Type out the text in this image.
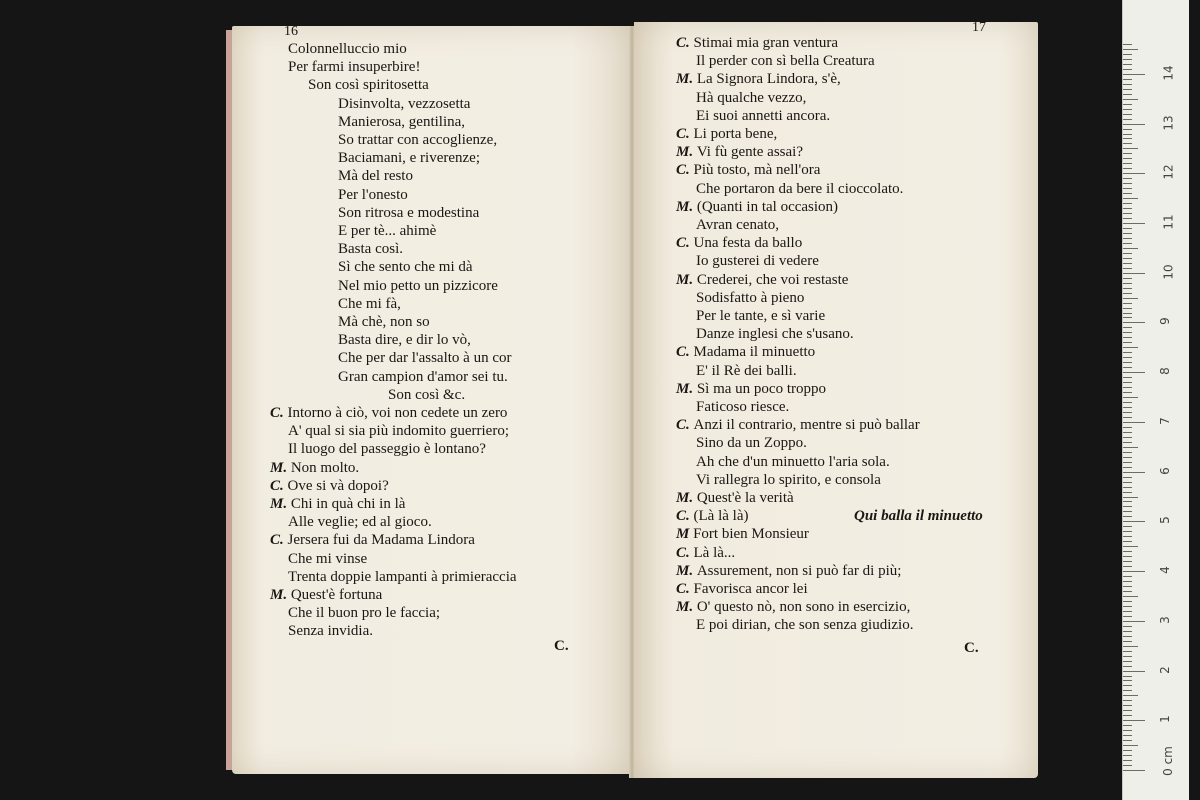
16
Colonnelluccio mio
Per farmi insuperbire!
Son così spiritosetta
Disinvolta, vezzosetta
Manierosa, gentilina,
So trattar con accoglienze,
Baciamani, e riverenze;
Mà del resto
Per l'onesto
Son ritrosa e modestina
E per tè... ahimè
Basta così.
Sì che sento che mi dà
Nel mio petto un pizzicore
Che mi fà,
Mà chè, non so
Basta dire, e dir lo vò,
Che per dar l'assalto à un cor
Gran campion d'amor sei tu.
Son così &c.
C. Intorno à ciò, voi non cedete un zero
A' qual si sia più indomito guerriero;
Il luogo del passeggio è lontano?
M. Non molto.
C. Ove si và dopoi?
M. Chi in quà chi in là
Alle veglie; ed al gioco.
C. Jersera fui da Madama Lindora
Che mi vinse
Trenta doppie lampanti à primieraccia
M. Quest'è fortuna
Che il buon pro le faccia;
Senza invidia.
C.
17
C. Stimai mia gran ventura
Il perder con sì bella Creatura
M. La Signora Lindora, s'è,
Hà qualche vezzo,
Ei suoi annetti ancora.
C. Li porta bene,
M. Vi fù gente assai?
C. Più tosto, mà nell'ora
Che portaron da bere il cioccolato.
M. (Quanti in tal occasion)
Avran cenato,
C. Una festa da ballo
Io gusterei di vedere
M. Crederei, che voi restaste
Sodisfatto à pieno
Per le tante, e sì varie
Danze inglesi che s'usano.
C. Madama il minuetto
E' il Rè dei balli.
M. Sì ma un poco troppo
Faticoso riesce.
C. Anzi il contrario, mentre si può ballar
Sino da un Zoppo.
Ah che d'un minuetto l'aria sola.
Vi rallegra lo spirito, e consola
M. Quest'è la verità
C. (Là là là)	Qui balla il minuetto
M Fort bien Monsieur
C. Là là...
M. Assurement, non si può far di più;
C. Favorisca ancor lei
M. O' questo nò, non sono in esercizio,
E poi dirian, che son senza giudizio.
C.
14
13
12
11
10
9
8
7
6
5
4
3
2
1
0 cm
